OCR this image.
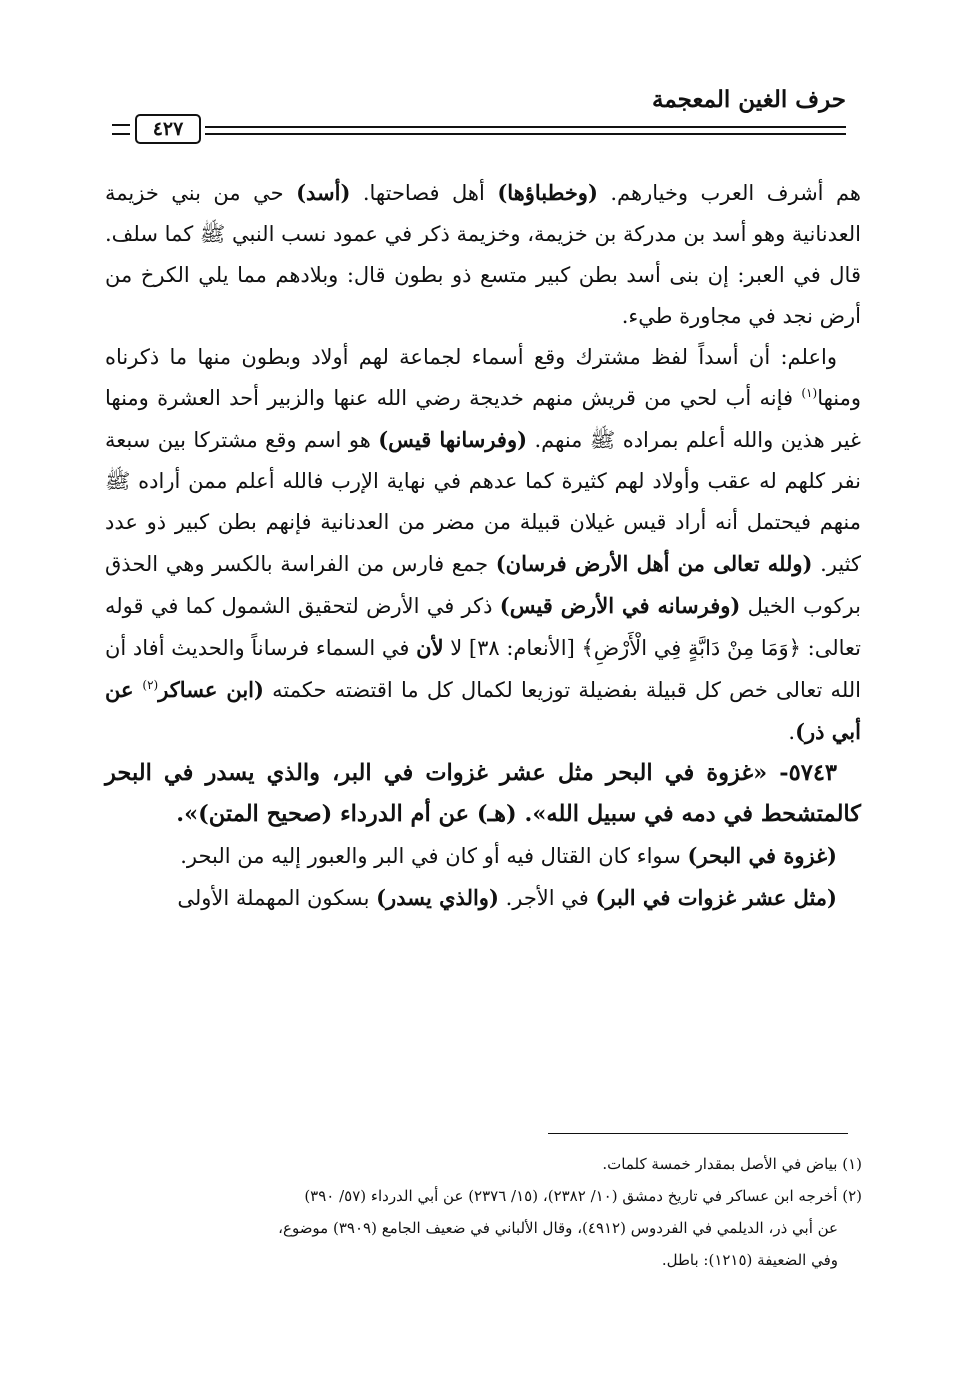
حرف الغين المعجمة
٤٢٧

هم أشرف العرب وخيارهم. (وخطباؤها) أهل فصاحتها. (أسد) حي من بني خزيمة العدنانية وهو أسد بن مدركة بن خزيمة، وخزيمة ذكر في عمود نسب النبي ﷺ كما سلف. قال في العبر: إن بنى أسد بطن كبير متسع ذو بطون قال: وبلادهم مما يلي الكرخ من أرض نجد في مجاورة طيء.

واعلم: أن أسداً لفظ مشترك وقع أسماء لجماعة لهم أولاد وبطون منها ما ذكرناه ومنها$^{(١)}$ فإنه أب لحي من قريش منهم خديجة رضي الله عنها والزبير أحد العشرة ومنها غير هذين والله أعلم بمراده ﷺ منهم. (وفرسانها قيس) هو اسم وقع مشتركا بين سبعة نفر كلهم له عقب وأولاد لهم كثيرة كما عدهم في نهاية الإرب فالله أعلم ممن أراده ﷺ منهم فيحتمل أنه أراد قيس غيلان قبيلة من مضر من العدنانية فإنهم بطن كبير ذو عدد كثير. (ولله تعالى من أهل الأرض فرسان) جمع فارس من الفراسة بالكسر وهي الحذق بركوب الخيل (وفرسانه في الأرض قيس) ذكر في الأرض لتحقيق الشمول كما في قوله تعالى: ﴿وَمَا مِنْ دَابَّةٍ فِي الْأَرْضِ﴾ [الأنعام: ٣٨] لا لأن في السماء فرساناً والحديث أفاد أن الله تعالى خص كل قبيلة بفضيلة توزيعا لكمال كل ما اقتضته حكمته (ابن عساكر$^{(٢)}$ عن أبي ذر).

٥٧٤٣- «غزوة في البحر مثل عشر غزوات في البر، والذي يسدر في البحر كالمتشحط في دمه في سبيل الله». (هـ) عن أم الدرداء (صحيح المتن)».

(غزوة في البحر) سواء كان القتال فيه أو كان في البر والعبور إليه من البحر.

(مثل عشر غزوات في البر) في الأجر. (والذي يسدر) بسكون المهملة الأولى

(١) بياض في الأصل بمقدار خمسة كلمات.

(٢) أخرجه ابن عساكر في تاريخ دمشق (١٠/ ٢٣٨٢)، (١٥/ ٢٣٧٦) عن أبي الدرداء (٥٧/ ٣٩٠)

عن أبي ذر، الديلمي في الفردوس (٤٩١٢)، وقال الألباني في ضعيف الجامع (٣٩٠٩) موضوع،

وفي الضعيفة (١٢١٥): باطل.
